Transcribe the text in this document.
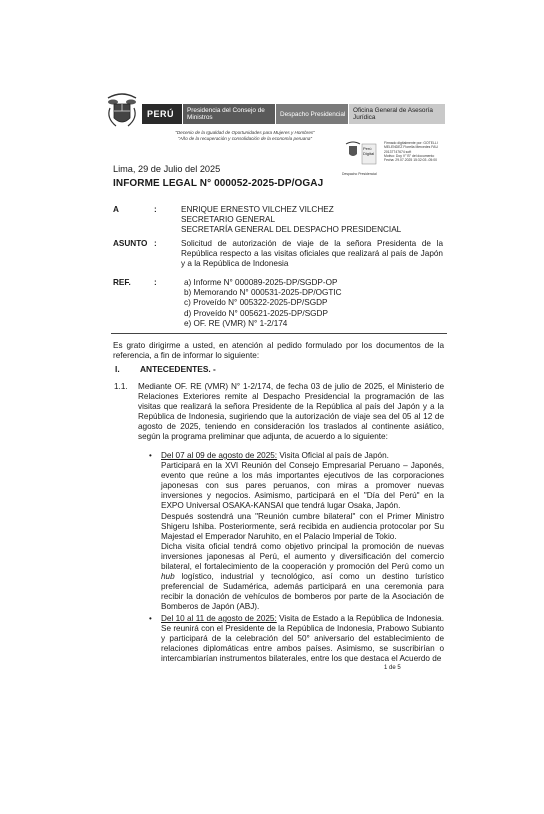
PERÚ	Presidencia del Consejo de Ministros	Despacho Presidencial	Oficina General de Asesoría Jurídica
"Decenio de la Igualdad de Oportunidades para Mujeres y Hombres"
"Año de la recuperación y consolidación de la economía peruana"
Perú
Digital
Despacho Presidencial
Firmado digitalmente por: GOTELLI
MELENDEZ Fiorella Mercedes FAU
20137747674 soft
Motivo: Doy V° B° del documento
Fecha: 29.07.2025 15:32:03 -05:00
Lima, 29 de Julio del 2025
INFORME LEGAL N° 000052-2025-DP/OGAJ
A	:	ENRIQUE ERNESTO VILCHEZ VILCHEZ
SECRETARIO GENERAL
SECRETARÍA GENERAL DEL DESPACHO PRESIDENCIAL
ASUNTO :	Solicitud de autorización de viaje de la señora Presidenta de la República respecto a las visitas oficiales que realizará al país de Japón y a la República de Indonesia
REF.	:	a) Informe N° 000089-2025-DP/SGDP-OP
b) Memorando N° 000531-2025-DP/OGTIC
c) Proveído N° 005322-2025-DP/SGDP
d) Proveído N° 005621-2025-DP/SGDP
e) OF. RE (VMR) N° 1-2/174
Es grato dirigirme a usted, en atención al pedido formulado por los documentos de la referencia, a fin de informar lo siguiente:
I. ANTECEDENTES. -
1.1. Mediante OF. RE (VMR) N° 1-2/174, de fecha 03 de julio de 2025, el Ministerio de Relaciones Exteriores remite al Despacho Presidencial la programación de las visitas que realizará la señora Presidente de la República al país del Japón y a la República de Indonesia, sugiriendo que la autorización de viaje sea del 05 al 12 de agosto de 2025, teniendo en consideración los traslados al continente asiático, según la programa preliminar que adjunta, de acuerdo a lo siguiente:
• Del 07 al 09 de agosto de 2025: Visita Oficial al país de Japón.

Participará en la XVI Reunión del Consejo Empresarial Peruano – Japonés, evento que reúne a los más importantes ejecutivos de las corporaciones japonesas con sus pares peruanos, con miras a promover nuevas inversiones y negocios. Asimismo, participará en el "Día del Perú" en la EXPO Universal OSAKA-KANSAI que tendrá lugar Osaka, Japón.

Después sostendrá una "Reunión cumbre bilateral" con el Primer Ministro Shigeru Ishiba. Posteriormente, será recibida en audiencia protocolar por Su Majestad el Emperador Naruhito, en el Palacio Imperial de Tokio.

Dicha visita oficial tendrá como objetivo principal la promoción de nuevas inversiones japonesas al Perú, el aumento y diversificación del comercio bilateral, el fortalecimiento de la cooperación y promoción del Perú como un hub logístico, industrial y tecnológico, así como un destino turístico preferencial de Sudamérica, además participará en una ceremonia para recibir la donación de vehículos de bomberos por parte de la Asociación de Bomberos de Japón (ABJ).

• Del 10 al 11 de agosto de 2025: Visita de Estado a la República de Indonesia. Se reunirá con el Presidente de la República de Indonesia, Prabowo Subianto y participará de la celebración del 50° aniversario del establecimiento de relaciones diplomáticas entre ambos países. Asimismo, se suscribirían o intercambiarían instrumentos bilaterales, entre los que destaca el Acuerdo de

1 de 5
